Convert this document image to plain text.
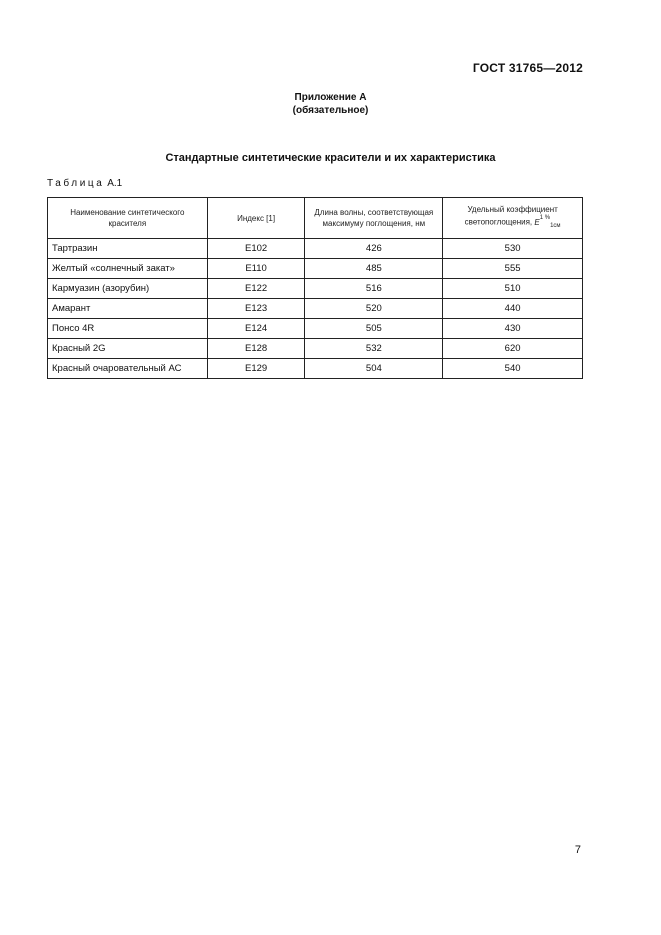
ГОСТ 31765—2012
Приложение А
(обязательное)
Стандартные синтетические красители и их характеристика
Таблица А.1
Наименование синтетического красителя	Индекс [1]	Длина волны, соответствующая максимуму поглощения, нм	Удельный коэффициент светопоглощения, $E^{1 \%}_{1см}$
Тартразин	Е102	426	530
Желтый «солнечный закат»	Е110	485	555
Кармуазин (азорубин)	Е122	516	510
Амарант	Е123	520	440
Понсо 4R	Е124	505	430
Красный 2G	Е128	532	620
Красный очаровательный АС	Е129	504	540
7
